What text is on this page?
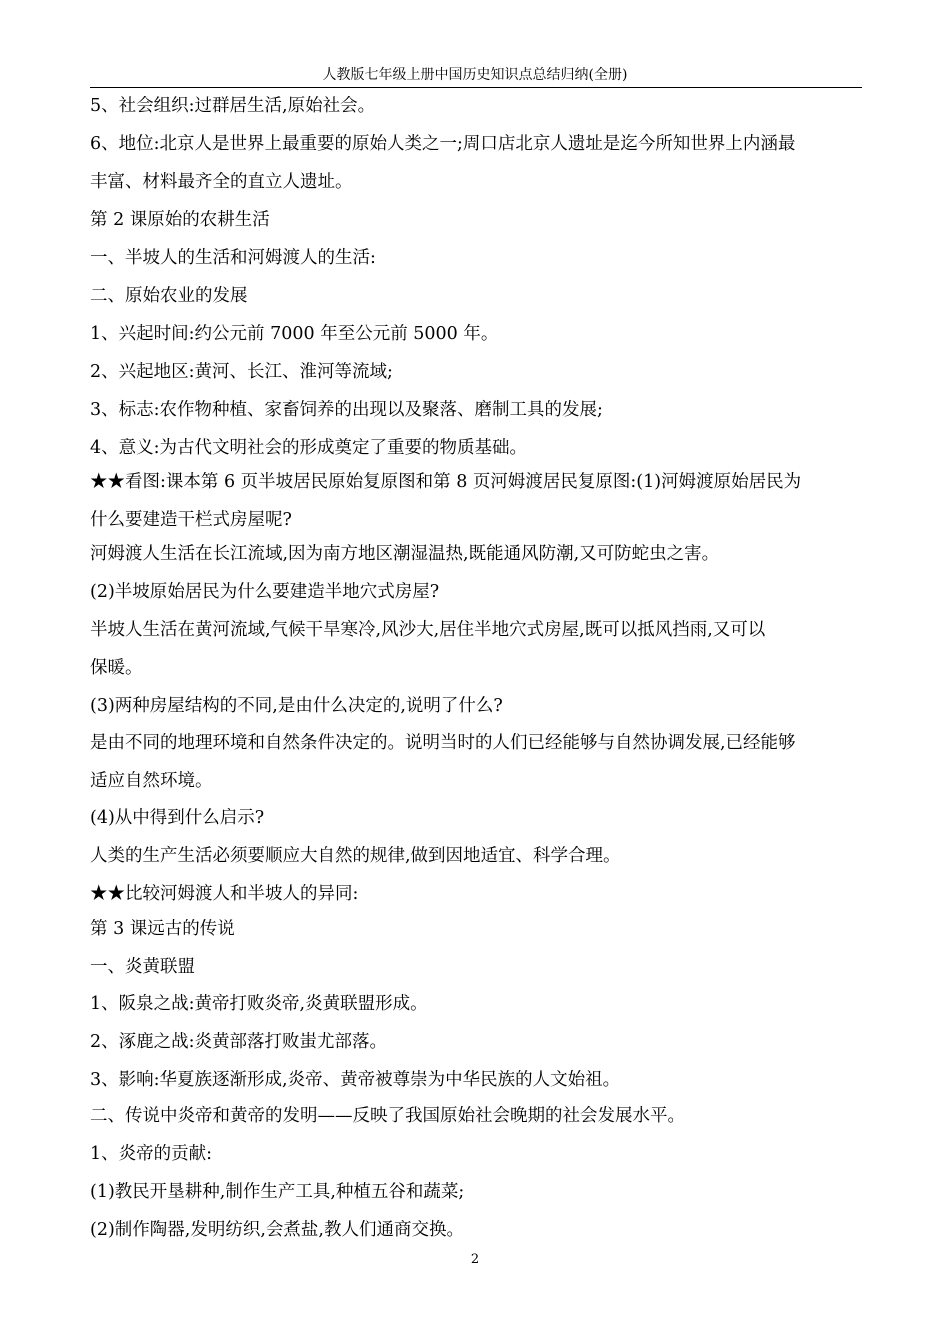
人教版七年级上册中国历史知识点总结归纳(全册)
5、社会组织:过群居生活,原始社会。
6、地位:北京人是世界上最重要的原始人类之一;周口店北京人遗址是迄今所知世界上内涵最
丰富、材料最齐全的直立人遗址。
第 2 课原始的农耕生活
一、半坡人的生活和河姆渡人的生活:
二、原始农业的发展
1、兴起时间:约公元前 7000 年至公元前 5000 年。
2、兴起地区:黄河、长江、淮河等流域;
3、标志:农作物种植、家畜饲养的出现以及聚落、磨制工具的发展;
4、意义:为古代文明社会的形成奠定了重要的物质基础。
★★看图:课本第 6 页半坡居民原始复原图和第 8 页河姆渡居民复原图:(1)河姆渡原始居民为
什么要建造干栏式房屋呢?
河姆渡人生活在长江流域,因为南方地区潮湿温热,既能通风防潮,又可防蛇虫之害。
(2)半坡原始居民为什么要建造半地穴式房屋?
半坡人生活在黄河流域,气候干旱寒冷,风沙大,居住半地穴式房屋,既可以抵风挡雨,又可以
保暖。
(3)两种房屋结构的不同,是由什么决定的,说明了什么?
是由不同的地理环境和自然条件决定的。说明当时的人们已经能够与自然协调发展,已经能够
适应自然环境。
(4)从中得到什么启示?
人类的生产生活必须要顺应大自然的规律,做到因地适宜、科学合理。
★★比较河姆渡人和半坡人的异同:
第 3 课远古的传说
一、炎黄联盟
1、阪泉之战:黄帝打败炎帝,炎黄联盟形成。
2、涿鹿之战:炎黄部落打败蚩尤部落。
3、影响:华夏族逐渐形成,炎帝、黄帝被尊崇为中华民族的人文始祖。
二、传说中炎帝和黄帝的发明——反映了我国原始社会晚期的社会发展水平。
1、炎帝的贡献:
(1)教民开垦耕种,制作生产工具,种植五谷和蔬菜;
(2)制作陶器,发明纺织,会煮盐,教人们通商交换。
2
